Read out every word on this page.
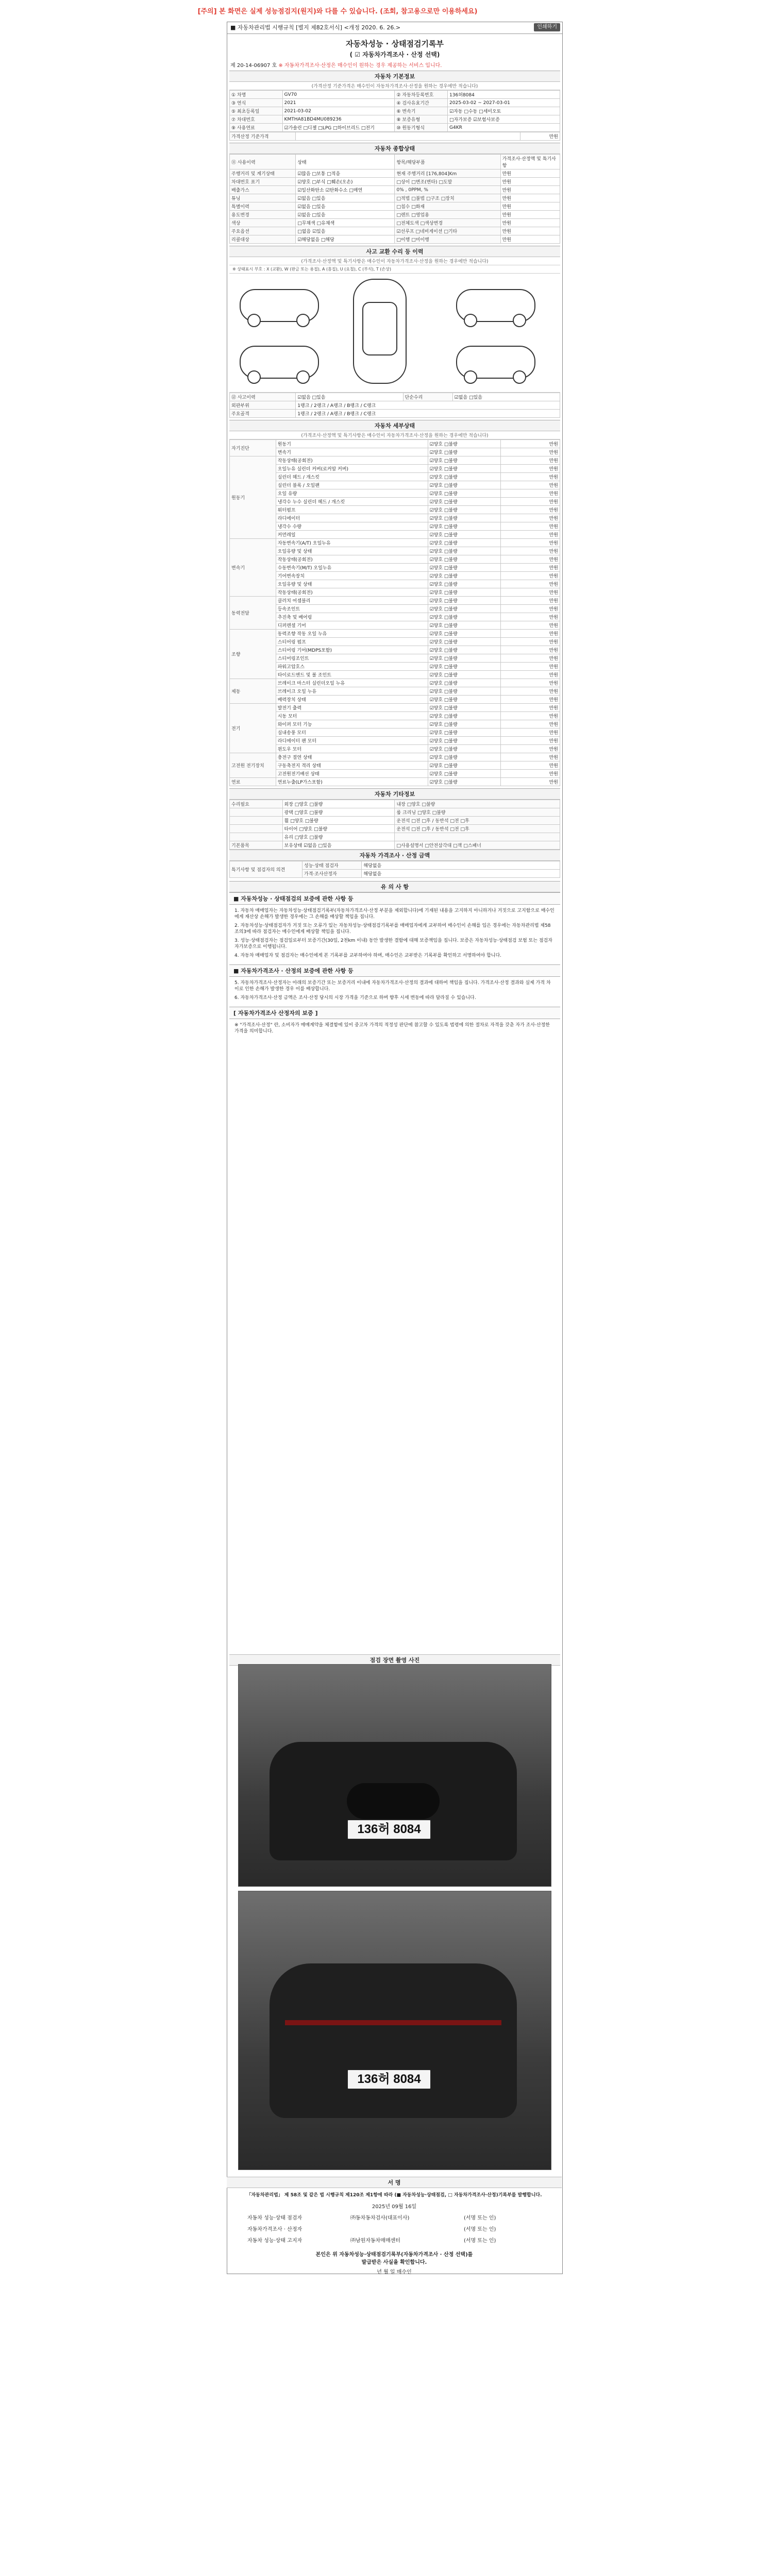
[주의] 본 화면은 실제 성능점검지(원지)와 다를 수 있습니다. (조회, 참고용으로만 이용하세요)
■ 자동차관리법 시행규칙 [별지 제82호서식] <개정 2020. 6. 26.>	인쇄하기
자동차성능 · 상태점검기록부
( ☑ 자동차가격조사 · 산정 선택)
제 20-14-06907 호 ※ 자동차가격조사·산정은 매수인이 원하는 경우 제공하는 서비스 입니다.
자동차 기본정보
(가격산정 기준가격은 매수인이 자동차가격조사·산정을 원하는 경우에만 적습니다)
① 차명	GV70	② 자동차등록번호	136허8084
③ 연식	2021	④ 검사유효기간	2025-03-02 ~ 2027-03-01
⑤ 최초등록일	2021-03-02	⑥ 변속기	☑자동 □수동 □세미오토
⑦ 차대번호	KMTHA81BD4MU089236	⑧ 보증유형	□자가보증 ☑보험사보증
⑨ 사용연료	☑가솔린 □디젤 □LPG □하이브리드 □전기	⑩ 원동기형식	G4KR
가격산정 기준가격		만원
자동차 종합상태
⑪ 사용이력	상태	항목/해당부품	가격조사·산정액 및 특기사항
주행거리 및 계기상태	☑많음 □보통 □적음	현재 주행거리 [176,804]Km	만원
차대번호 표기	☑양호 □부식 □훼손(오손)	□상이 □변조(변타) □도말	만원
배출가스	☑일산화탄소 ☑탄화수소 □매연	0% , 0PPM, %	만원
튜닝	☑없음 □있음	□적법 □불법 □구조 □장치	만원
특별이력	☑없음 □있음	□침수 □화재	만원
용도변경	☑없음 □있음	□렌트 □영업용	만원
색상	□무채색 □유채색	□전체도색 □색상변경	만원
주요옵션	□없음 ☑있음	☑선루프 □네비게이션 □기타	만원
리콜대상	☑해당없음 □해당	□이행 □미이행	만원
사고 교환 수리 등 이력
(가격조사·산정액 및 특기사항은 매수인이 자동차가격조사·산정을 원하는 경우에만 적습니다)
※ 상태표시 부호 : X (교환), W (판금 또는 용접), A (흠집), U (요철), C (부식), T (손상)
⑫ 사고이력	☑없음 □있음	단순수리	☑없음 □있음
외판부위	1랭크 / 2랭크 / A랭크 / B랭크 / C랭크		
주요골격	1랭크 / 2랭크 / A랭크 / B랭크 / C랭크		
자동차 세부상태
(가격조사·산정액 및 특기사항은 매수인이 자동차가격조사·산정을 원하는 경우에만 적습니다)
자기진단	원동기	☑양호 □불량	만원
	변속기	☑양호 □불량	만원
원동기	작동상태(공회전)	☑양호 □불량	만원
	오일누유 실린더 커버(로커암 커버)	☑양호 □불량	만원
	실린더 헤드 / 개스킷	☑양호 □불량	만원
	실린더 블록 / 오일팬	☑양호 □불량	만원
	오일 유량	☑양호 □불량	만원
	냉각수 누수 실린더 헤드 / 개스킷	☑양호 □불량	만원
	워터펌프	☑양호 □불량	만원
	라디에이터	☑양호 □불량	만원
	냉각수 수량	☑양호 □불량	만원
	커먼레일	☑양호 □불량	만원
변속기	자동변속기(A/T) 오일누유	☑양호 □불량	만원
	오일유량 및 상태	☑양호 □불량	만원
	작동상태(공회전)	☑양호 □불량	만원
	수동변속기(M/T) 오일누유	☑양호 □불량	만원
	기어변속장치	☑양호 □불량	만원
	오일유량 및 상태	☑양호 □불량	만원
	작동상태(공회전)	☑양호 □불량	만원
동력전달	클러치 어셈블리	☑양호 □불량	만원
	등속조인트	☑양호 □불량	만원
	추진축 및 베어링	☑양호 □불량	만원
	디퍼렌셜 기어	☑양호 □불량	만원
조향	동력조향 작동 오일 누유	☑양호 □불량	만원
	스티어링 펌프	☑양호 □불량	만원
	스티어링 기어(MDPS포함)	☑양호 □불량	만원
	스티어링조인트	☑양호 □불량	만원
	파워고압호스	☑양호 □불량	만원
	타이로드엔드 및 볼 조인트	☑양호 □불량	만원
제동	브레이크 마스터 실린더오일 누유	☑양호 □불량	만원
	브레이크 오일 누유	☑양호 □불량	만원
	배력장치 상태	☑양호 □불량	만원
전기	발전기 출력	☑양호 □불량	만원
	시동 모터	☑양호 □불량	만원
	와이퍼 모터 기능	☑양호 □불량	만원
	실내송풍 모터	☑양호 □불량	만원
	라디에이터 팬 모터	☑양호 □불량	만원
	윈도우 모터	☑양호 □불량	만원
고전원 전기장치	충전구 절연 상태	☑양호 □불량	만원
	구동축전지 격리 상태	☑양호 □불량	만원
	고전원전기배선 상태	☑양호 □불량	만원
연료	연료누출(LP가스포함)	☑양호 □불량	만원
자동차 기타정보
수리필요	외장 □양호 □불량	내장 □양호 □불량
	광택 □양호 □불량	룸 크리닝 □양호 □불량
	휠 □양호 □불량	운전석 □전 □후 / 동반석 □전 □후
	타이어 □양호 □불량	운전석 □전 □후 / 동반석 □전 □후
	유리 □양호 □불량	
기본품목	보유상태 ☑없음 □있음	□사용설명서 □안전삼각대 □잭 □스패너
자동차 가격조사 · 산정 금액
특기사항 및 점검자의 의견	성능·상태 점검자	해당없음
	가격·조사산정자	해당없음
유 의 사 항
■ 자동차성능 · 상태점검의 보증에 관한 사항 등

1. 자동차 매매업자는 자동차성능·상태점검기록부(자동차가격조사·산정 부분을 제외합니다)에 기재된 내용을 고지하지 아니하거나 거짓으로 고지함으로 매수인에게 재산상 손해가 발생한 경우에는 그 손해를 배상할 책임을 집니다.

2. 자동차성능·상태점검자가 거짓 또는 오류가 있는 자동차성능·상태점검기록부를 매매업자에게 교부하여 매수인이 손해를 입은 경우에는 자동차관리법 제58조의3에 따라 점검자는 매수인에게 배상할 책임을 집니다.

3. 성능·상태점검자는 점검일로부터 보증기간(30일, 2천km 이내) 동안 발생한 결함에 대해 보증책임을 집니다. 보증은 자동차성능·상태점검 보험 또는 점검자 자가보증으로 이행됩니다.

4. 자동차 매매업자 및 점검자는 매수인에게 본 기록부를 교부하여야 하며, 매수인은 교부받은 기록부를 확인하고 서명하여야 합니다.

■ 자동차가격조사 · 산정의 보증에 관한 사항 등

5. 자동차가격조사·산정자는 아래의 보증기간 또는 보증거리 이내에 자동차가격조사·산정의 결과에 대하여 책임을 집니다. 가격조사·산정 결과와 실제 가격 차이로 인한 손해가 발생한 경우 이를 배상합니다.

6. 자동차가격조사·산정 금액은 조사·산정 당시의 시장 가격을 기준으로 하며 향후 시세 변동에 따라 달라질 수 있습니다.

[ 자동차가격조사 산정자의 보증 ]

※ "가격조사·산정" 란, 소비자가 매매계약을 체결함에 있어 중고차 가격의 적정성 판단에 참고할 수 있도록 법령에 의한 절차로 자격을 갖춘 자가 조사·산정한 가격을 의미합니다.

점검 장면 촬영 사진
136허 8084
136허 8084
서 명
「자동차관리법」 제 58조 및 같은 법 시행규칙 제120조 제1항에 따라 (■ 자동차성능·상태점검, □ 자동차가격조사·산정)기록부를 발행합니다.
2025년 09월 16일
자동차 성능·상태 점검자	㈜동차동차검사(대표이사)	(서명 또는 인)
자동차가격조사 · 산정자	(서명 또는 인)
자동차 성능·상태 고지자	㈜남원자동차매매센터	(서명 또는 인)
본인은 위 자동차성능·상태점검기록부(자동차가격조사 · 산정 선택)를
발급받은 사실을 확인합니다.
년 월 일 매수인
